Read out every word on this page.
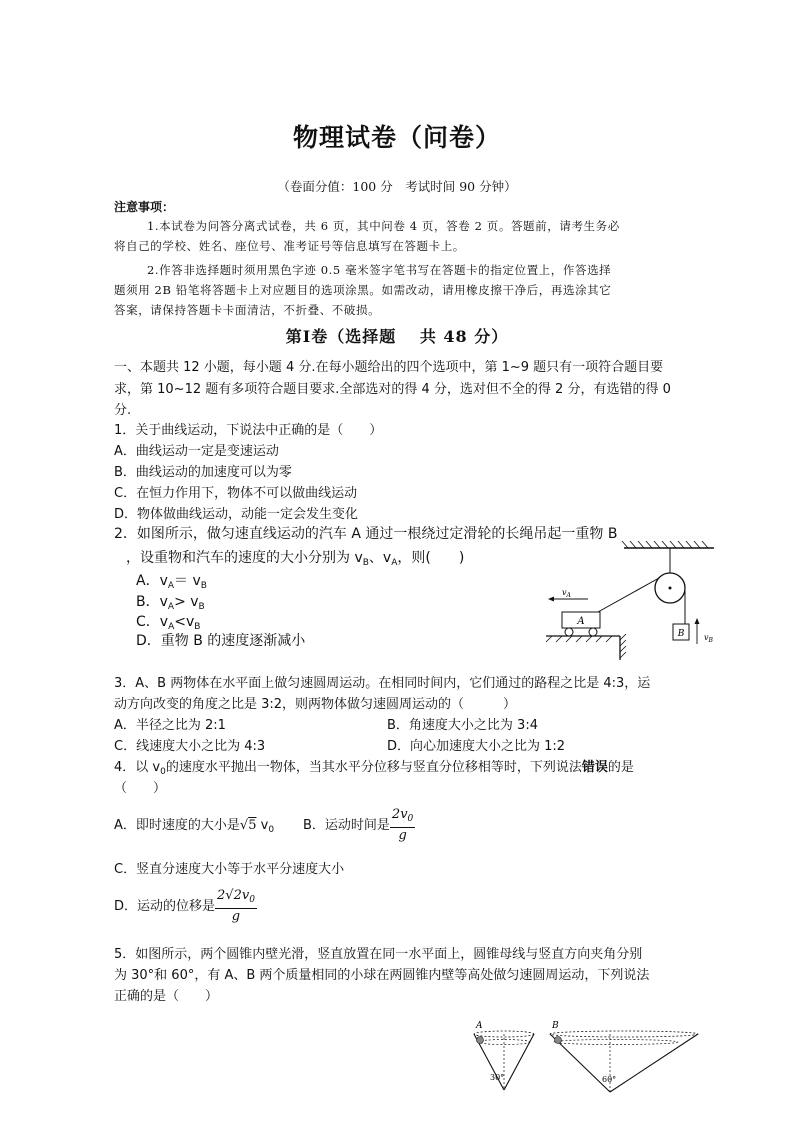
物理试卷（问卷）
（卷面分值：100 分　考试时间 90 分钟）
注意事项：
1.本试卷为问答分离式试卷，共 6 页，其中问卷 4 页，答卷 2 页。答题前，请考生务必
将自己的学校、姓名、座位号、准考证号等信息填写在答题卡上。
2.作答非选择题时须用黑色字迹 0.5 毫米签字笔书写在答题卡的指定位置上，作答选择
题须用 2B 铅笔将答题卡上对应题目的选项涂黑。如需改动，请用橡皮擦干净后，再选涂其它
答案，请保持答题卡卡面清洁，不折叠、不破损。
第Ⅰ卷（选择题　 共 48 分）
一、本题共 12 小题，每小题 4 分.在每小题给出的四个选项中，第 1~9 题只有一项符合题目要
求，第 10~12 题有多项符合题目要求.全部选对的得 4 分，选对但不全的得 2 分，有选错的得 0
分.
1．关于曲线运动，下说法中正确的是（　　）
A．曲线运动一定是变速运动
B．曲线运动的加速度可以为零
C．在恒力作用下，物体不可以做曲线运动
D．物体做曲线运动，动能一定会发生变化
2．如图所示，做匀速直线运动的汽车 A 通过一根绕过定滑轮的长绳吊起一重物 B
，设重物和汽车的速度的大小分别为 $v_B$、$v_A$，则(　　)
A．$v_A= v_B$
B．$v_A> v_B$
C．$v_A<v_B$
D．重物 B 的速度逐渐减小	B $v_B$
A
$v_A$
3．A、B 两物体在水平面上做匀速圆周运动。在相同时间内，它们通过的路程之比是 4:3，运
动方向改变的角度之比是 3:2，则两物体做匀速圆周运动的（　　　）
A．半径之比为 2:1	B．角速度大小之比为 3:4
C．线速度大小之比为 4:3	D．向心加速度大小之比为 1:2
4．以 $v_0$的速度水平抛出一物体，当其水平分位移与竖直分位移相等时，下列说法错误的是
（　　）
A．即时速度的大小是√5 $v_0$ B．运动时间是 $\frac{2v_0}{g}$
C．竖直分速度大小等于水平分速度大小
D．运动的位移是 $\frac{2√2v_0}{g}$
5．如图所示，两个圆锥内壁光滑，竖直放置在同一水平面上，圆锥母线与竖直方向夹角分别
为 30°和 60°，有 A、B 两个质量相同的小球在两圆锥内壁等高处做匀速圆周运动，下列说法
正确的是（　　）
A
30°
B
60°
